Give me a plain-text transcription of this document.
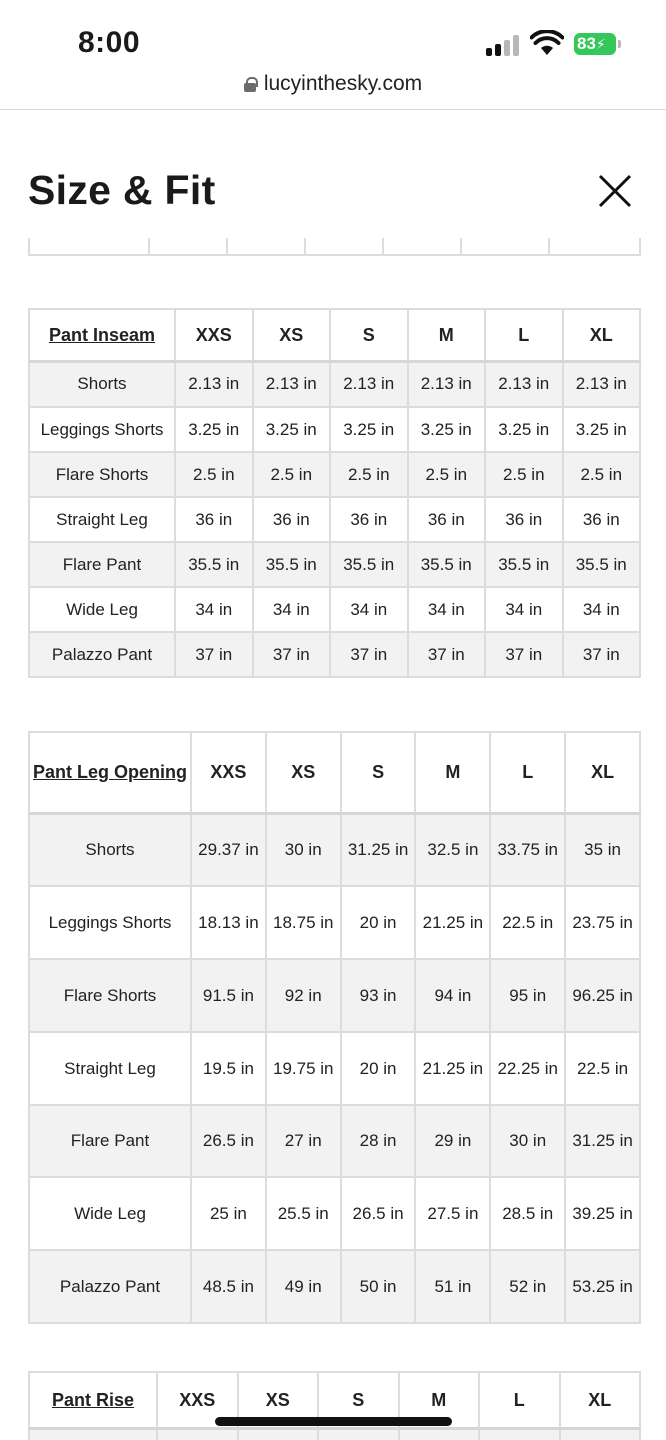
8:00	83⚡
lucyinthesky.com
Size & Fit
Pant Inseam	XXS	XS	S	M	L	XL
Shorts	2.13 in	2.13 in	2.13 in	2.13 in	2.13 in	2.13 in
Leggings Shorts	3.25 in	3.25 in	3.25 in	3.25 in	3.25 in	3.25 in
Flare Shorts	2.5 in	2.5 in	2.5 in	2.5 in	2.5 in	2.5 in
Straight Leg	36 in	36 in	36 in	36 in	36 in	36 in
Flare Pant	35.5 in	35.5 in	35.5 in	35.5 in	35.5 in	35.5 in
Wide Leg	34 in	34 in	34 in	34 in	34 in	34 in
Palazzo Pant	37 in	37 in	37 in	37 in	37 in	37 in
Pant Leg Opening	XXS	XS	S	M	L	XL
Shorts	29.37 in	30 in	31.25 in	32.5 in	33.75 in	35 in
Leggings Shorts	18.13 in	18.75 in	20 in	21.25 in	22.5 in	23.75 in
Flare Shorts	91.5 in	92 in	93 in	94 in	95 in	96.25 in
Straight Leg	19.5 in	19.75 in	20 in	21.25 in	22.25 in	22.5 in
Flare Pant	26.5 in	27 in	28 in	29 in	30 in	31.25 in
Wide Leg	25 in	25.5 in	26.5 in	27.5 in	28.5 in	39.25 in
Palazzo Pant	48.5 in	49 in	50 in	51 in	52 in	53.25 in
Pant Rise	XXS	XS	S	M	L	XL
